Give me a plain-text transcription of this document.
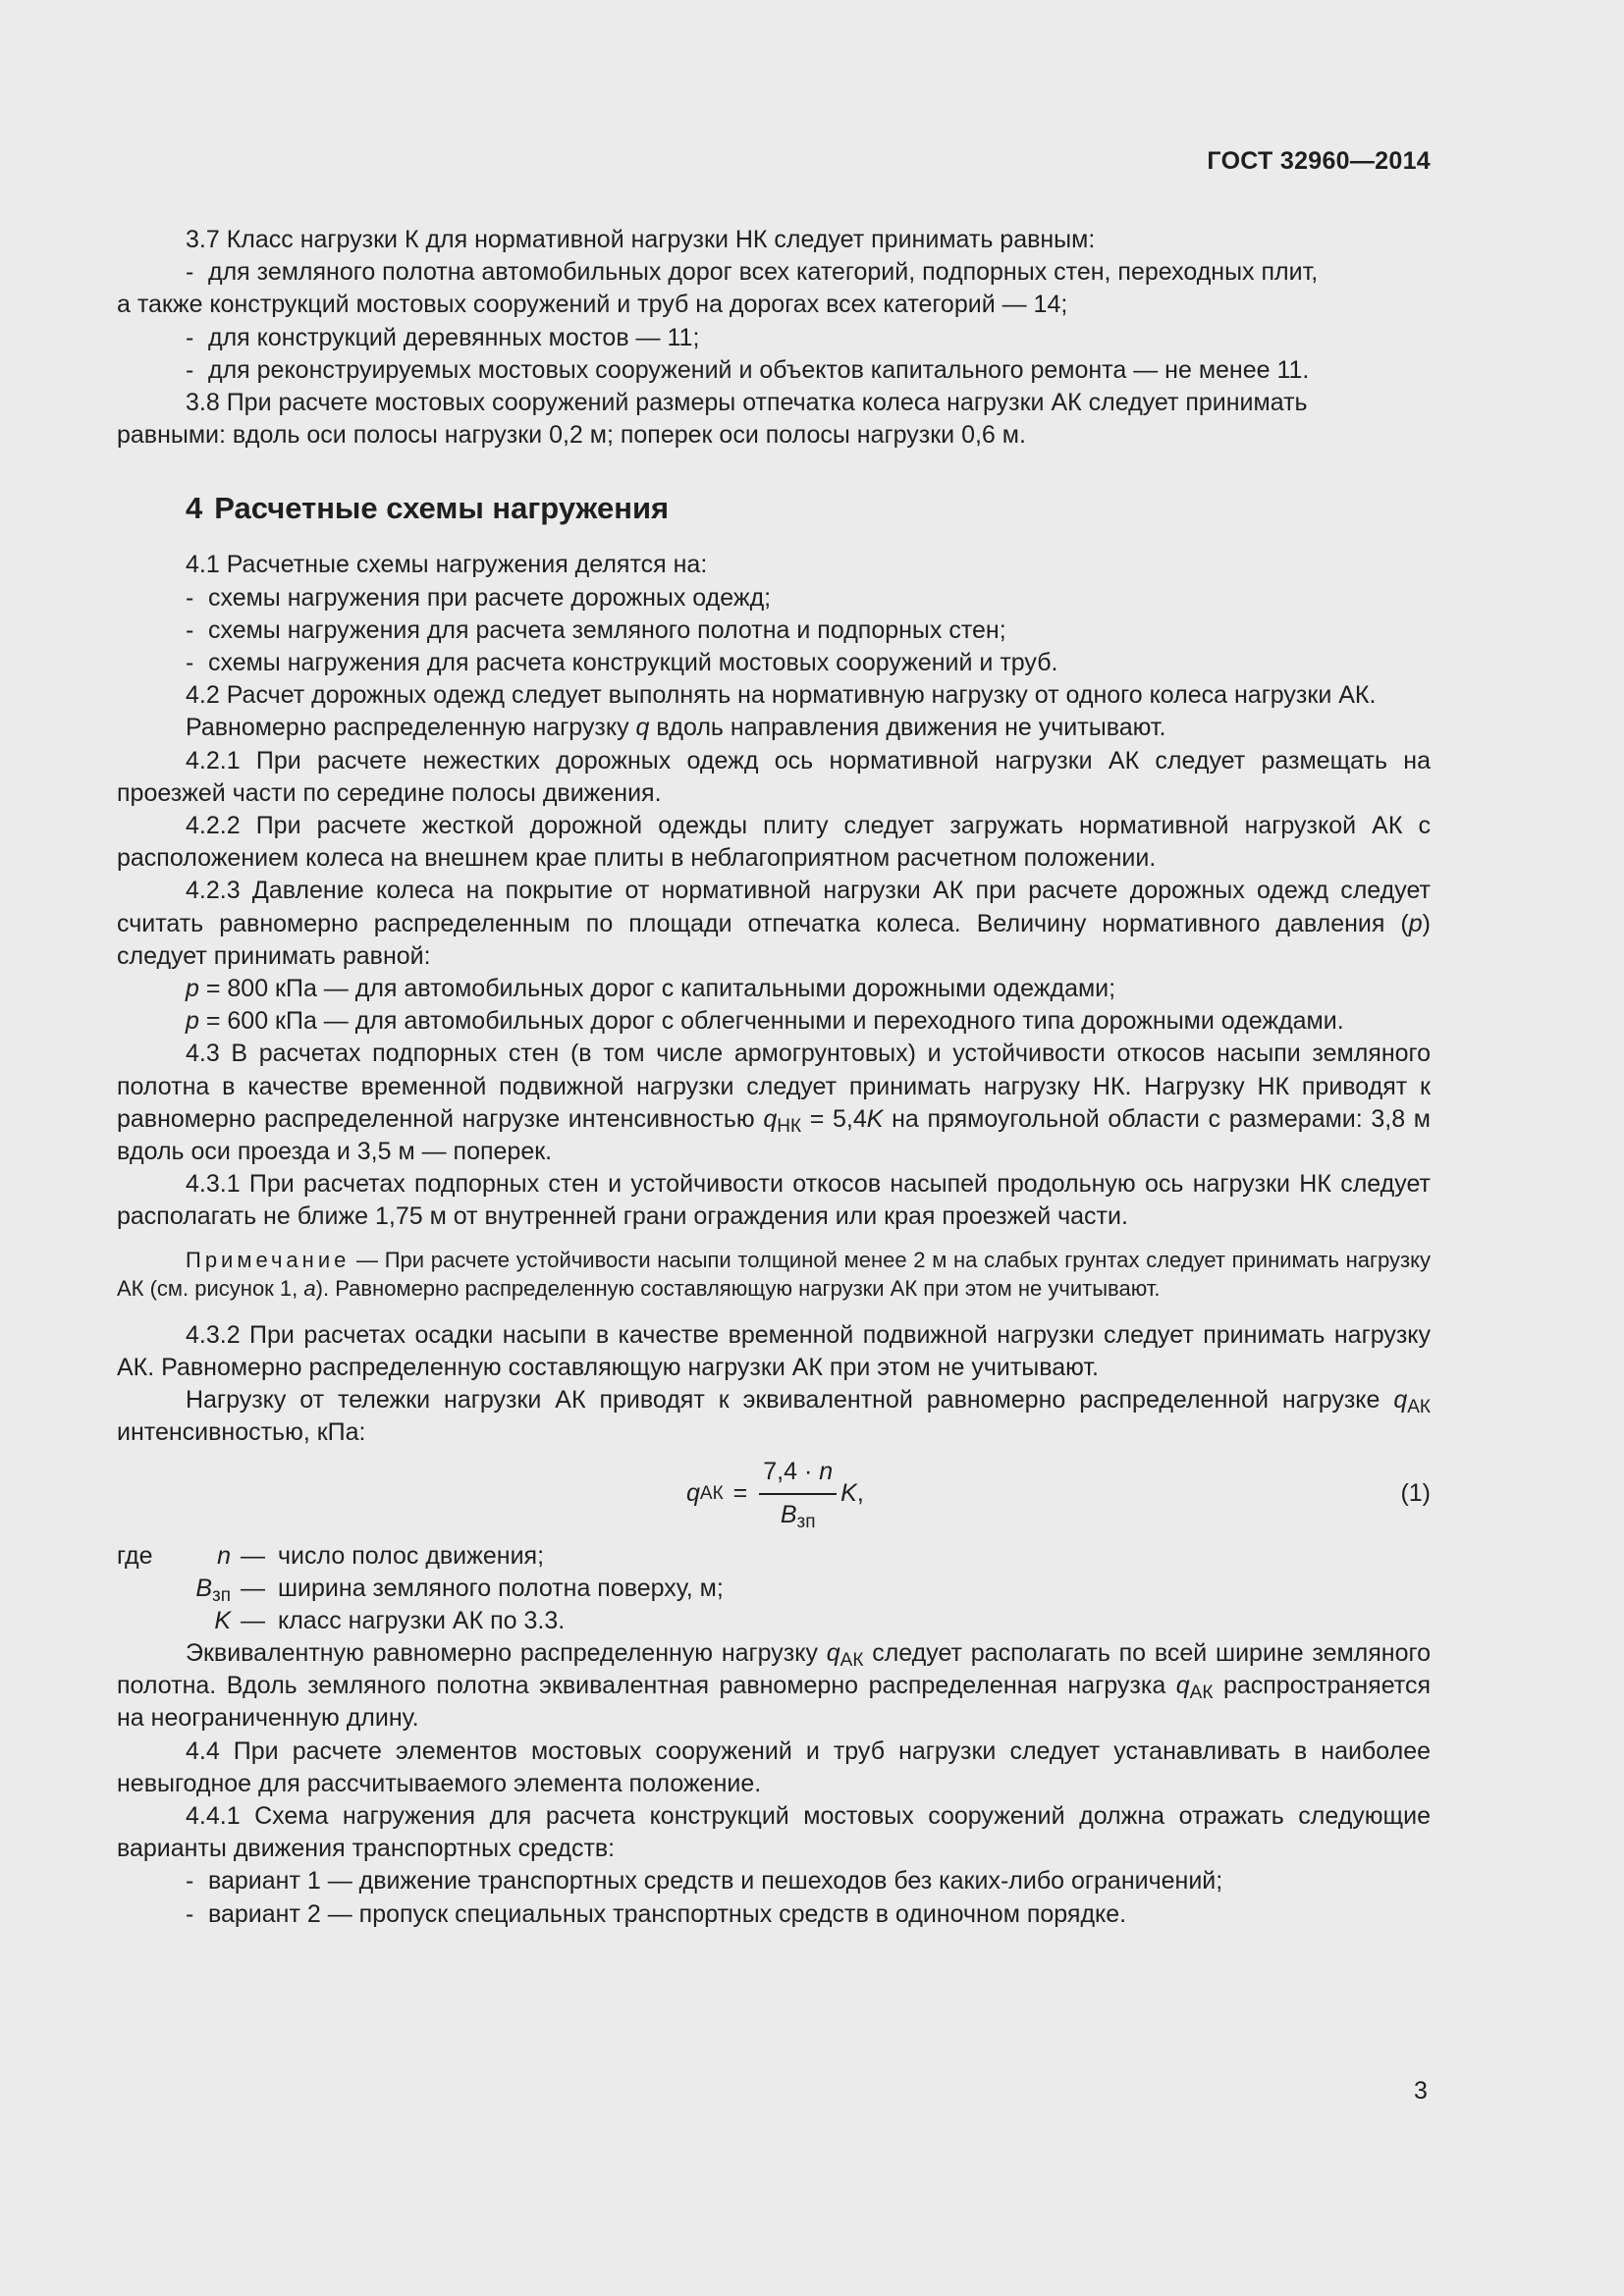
ГОСТ 32960—2014

3.7 Класс нагрузки К для нормативной нагрузки НК следует принимать равным:

- для земляного полотна автомобильных дорог всех категорий, подпорных стен, переходных плит,

а также конструкций мостовых сооружений и труб на дорогах всех категорий — 14;

- для конструкций деревянных мостов — 11;

- для реконструируемых мостовых сооружений и объектов капитального ремонта — не менее 11.

3.8 При расчете мостовых сооружений размеры отпечатка колеса нагрузки АК следует принимать

равными: вдоль оси полосы нагрузки 0,2 м; поперек оси полосы нагрузки 0,6 м.

4 Расчетные схемы нагружения

4.1 Расчетные схемы нагружения делятся на:

- схемы нагружения при расчете дорожных одежд;

- схемы нагружения для расчета земляного полотна и подпорных стен;

- схемы нагружения для расчета конструкций мостовых сооружений и труб.

4.2 Расчет дорожных одежд следует выполнять на нормативную нагрузку от одного колеса нагрузки АК.

Равномерно распределенную нагрузку q вдоль направления движения не учитывают.

4.2.1 При расчете нежестких дорожных одежд ось нормативной нагрузки АК следует размещать на проезжей части по середине полосы движения.

4.2.2 При расчете жесткой дорожной одежды плиту следует загружать нормативной нагрузкой АК с расположением колеса на внешнем крае плиты в неблагоприятном расчетном положении.

4.2.3 Давление колеса на покрытие от нормативной нагрузки АК при расчете дорожных одежд следует считать равномерно распределенным по площади отпечатка колеса. Величину нормативного давления (p) следует принимать равной:

p = 800 кПа — для автомобильных дорог с капитальными дорожными одеждами;

p = 600 кПа — для автомобильных дорог с облегченными и переходного типа дорожными одеждами.

4.3 В расчетах подпорных стен (в том числе армогрунтовых) и устойчивости откосов насыпи земляного полотна в качестве временной подвижной нагрузки следует принимать нагрузку НК. Нагрузку НК приводят к равномерно распределенной нагрузке интенсивностью $q_{НК} = 5,4K$ на прямоугольной области с размерами: 3,8 м вдоль оси проезда и 3,5 м — поперек.

4.3.1 При расчетах подпорных стен и устойчивости откосов насыпей продольную ось нагрузки НК следует располагать не ближе 1,75 м от внутренней грани ограждения или края проезжей части.

Примечание — При расчете устойчивости насыпи толщиной менее 2 м на слабых грунтах следует принимать нагрузку АК (см. рисунок 1, а). Равномерно распределенную составляющую нагрузки АК при этом не учитывают.

4.3.2 При расчетах осадки насыпи в качестве временной подвижной нагрузки следует принимать нагрузку АК. Равномерно распределенную составляющую нагрузки АК при этом не учитывают.

Нагрузку от тележки нагрузки АК приводят к эквивалентной равномерно распределенной нагрузке $q_{АК}$ интенсивностью, кПа:

q АК = $\frac{7,4 \cdot n}{B_{зп}}$ K ,	(1)
где	n — число полос движения;
$B_{зп}$ — ширина земляного полотна поверху, м;
K — класс нагрузки АК по 3.3.

Эквивалентную равномерно распределенную нагрузку $q_{АК}$ следует располагать по всей ширине земляного полотна. Вдоль земляного полотна эквивалентная равномерно распределенная нагрузка $q_{АК}$ распространяется на неограниченную длину.

4.4 При расчете элементов мостовых сооружений и труб нагрузки следует устанавливать в наиболее невыгодное для рассчитываемого элемента положение.

4.4.1 Схема нагружения для расчета конструкций мостовых сооружений должна отражать следующие варианты движения транспортных средств:

- вариант 1 — движение транспортных средств и пешеходов без каких-либо ограничений;

- вариант 2 — пропуск специальных транспортных средств в одиночном порядке.

3
